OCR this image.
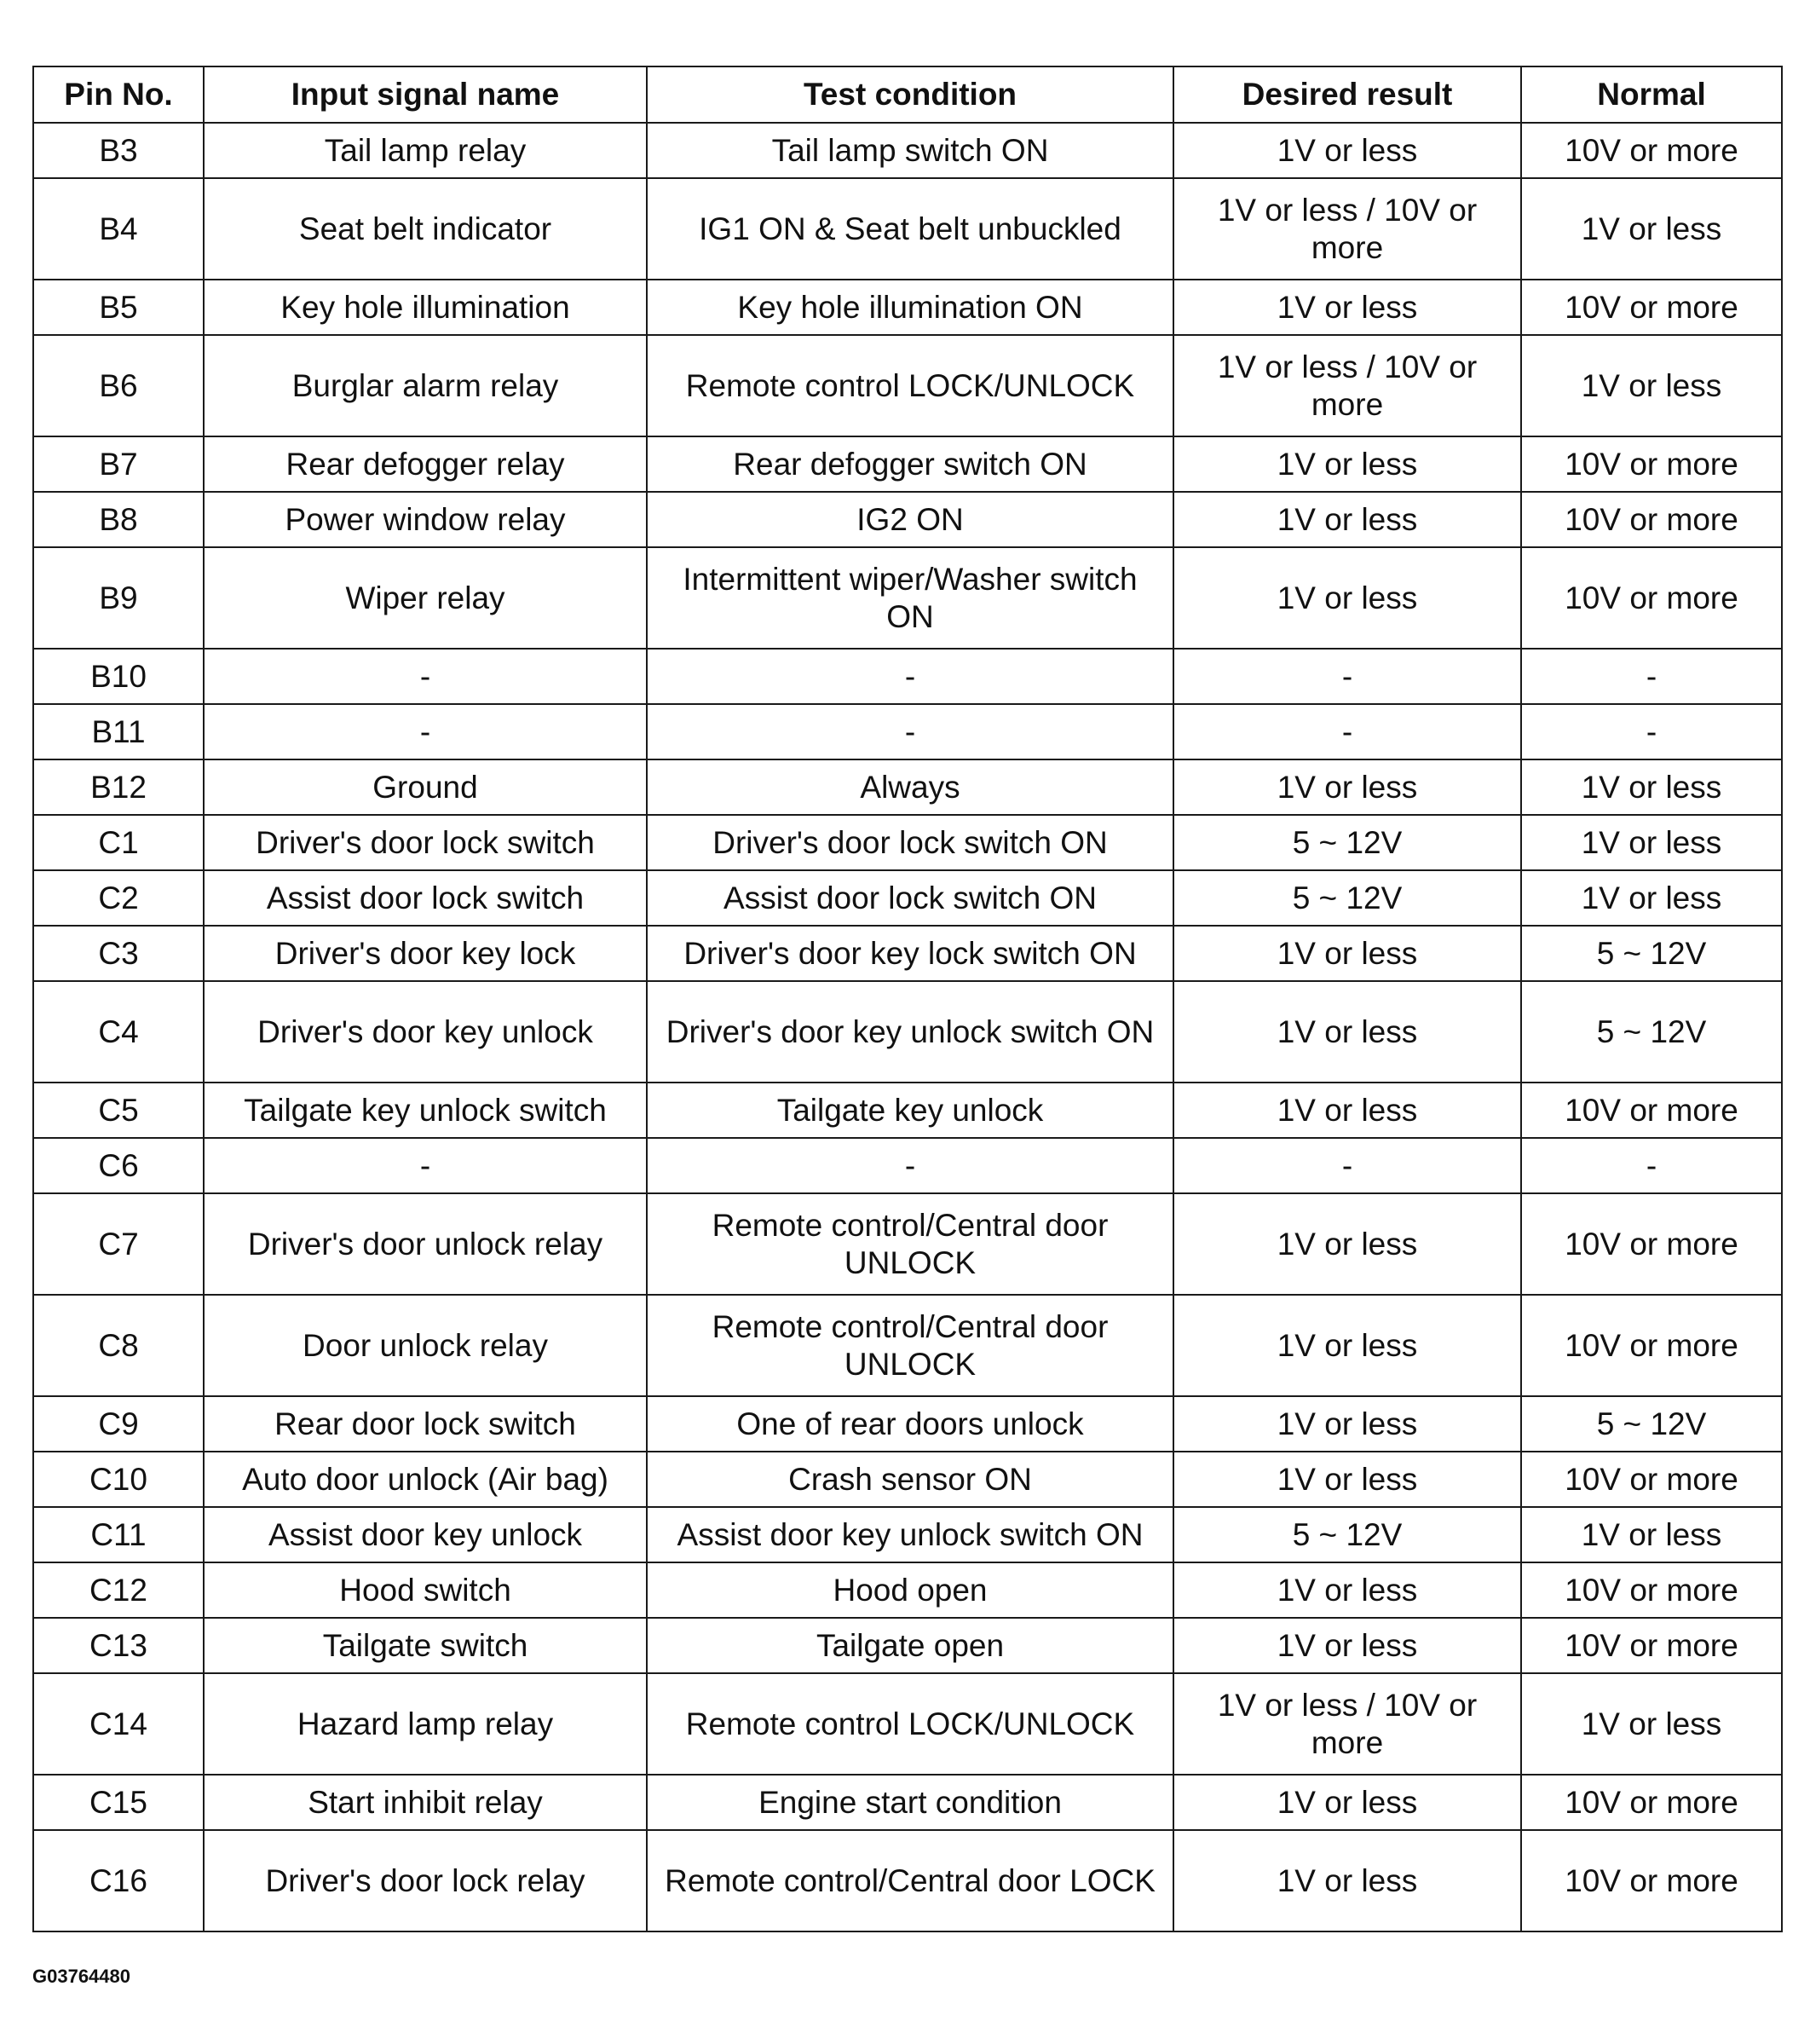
Pin No.	Input signal name	Test condition	Desired result	Normal
B3	Tail lamp relay	Tail lamp switch ON	1V or less	10V or more
B4	Seat belt indicator	IG1 ON & Seat belt unbuckled	1V or less / 10V or more	1V or less
B5	Key hole illumination	Key hole illumination ON	1V or less	10V or more
B6	Burglar alarm relay	Remote control LOCK/UNLOCK	1V or less / 10V or more	1V or less
B7	Rear defogger relay	Rear defogger switch ON	1V or less	10V or more
B8	Power window relay	IG2 ON	1V or less	10V or more
B9	Wiper relay	Intermittent wiper/Washer switch ON	1V or less	10V or more
B10	-	-	-	-
B11	-	-	-	-
B12	Ground	Always	1V or less	1V or less
C1	Driver's door lock switch	Driver's door lock switch ON	5 ~ 12V	1V or less
C2	Assist door lock switch	Assist door lock switch ON	5 ~ 12V	1V or less
C3	Driver's door key lock	Driver's door key lock switch ON	1V or less	5 ~ 12V
C4	Driver's door key unlock	Driver's door key unlock switch ON	1V or less	5 ~ 12V
C5	Tailgate key unlock switch	Tailgate key unlock	1V or less	10V or more
C6	-	-	-	-
C7	Driver's door unlock relay	Remote control/Central door UNLOCK	1V or less	10V or more
C8	Door unlock relay	Remote control/Central door UNLOCK	1V or less	10V or more
C9	Rear door lock switch	One of rear doors unlock	1V or less	5 ~ 12V
C10	Auto door unlock (Air bag)	Crash sensor ON	1V or less	10V or more
C11	Assist door key unlock	Assist door key unlock switch ON	5 ~ 12V	1V or less
C12	Hood switch	Hood open	1V or less	10V or more
C13	Tailgate switch	Tailgate open	1V or less	10V or more
C14	Hazard lamp relay	Remote control LOCK/UNLOCK	1V or less / 10V or more	1V or less
C15	Start inhibit relay	Engine start condition	1V or less	10V or more
C16	Driver's door lock relay	Remote control/Central door LOCK	1V or less	10V or more
G03764480
